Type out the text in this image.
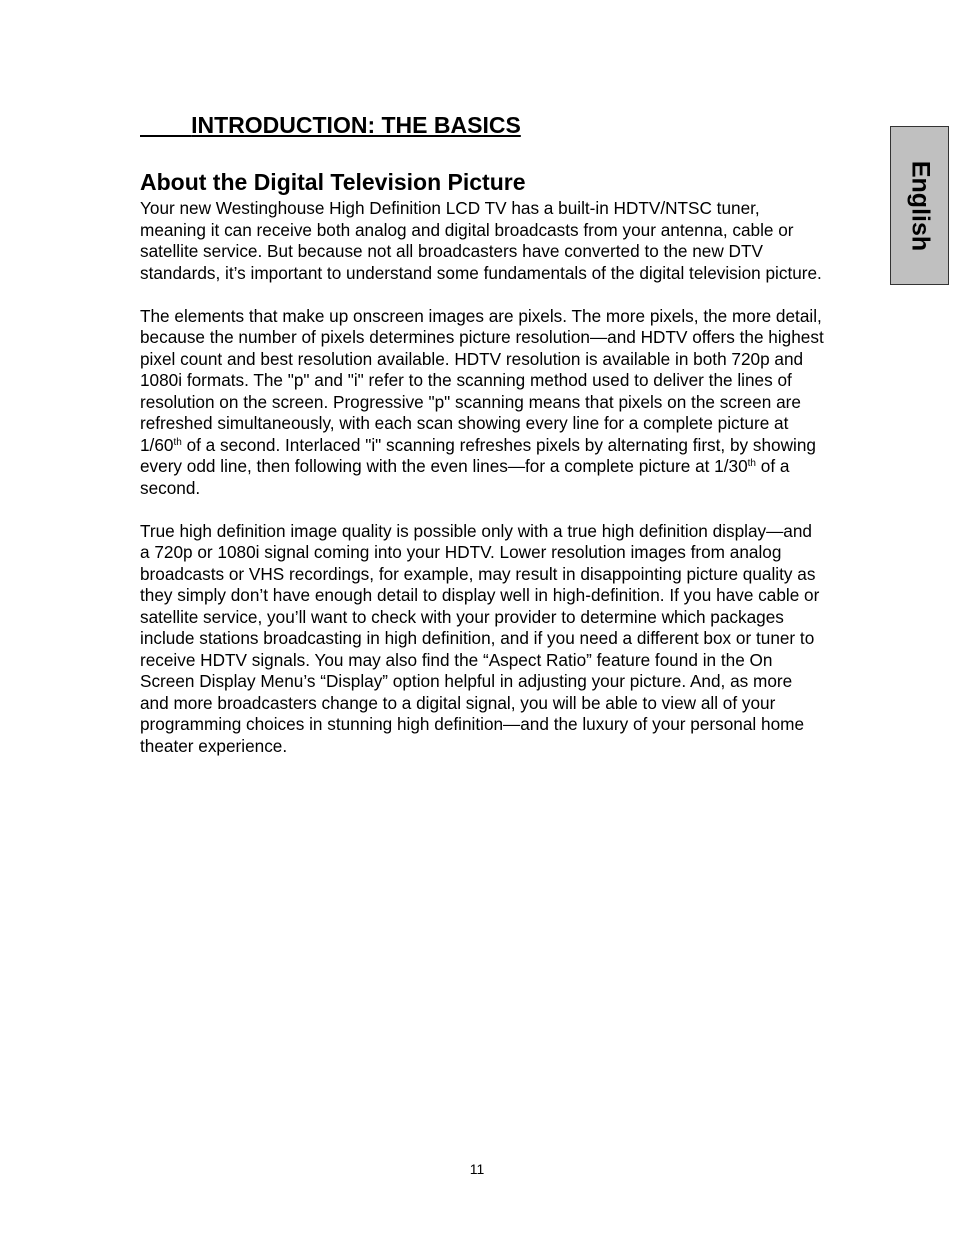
INTRODUCTION: THE BASICS
About the Digital Television Picture

Your new Westinghouse High Definition LCD TV has a built-in HDTV/NTSC tuner, meaning it can receive both analog and digital broadcasts from your antenna, cable or satellite service. But because not all broadcasters have converted to the new DTV standards, it’s important to understand some fundamentals of the digital television picture.

The elements that make up onscreen images are pixels. The more pixels, the more detail, because the number of pixels determines picture resolution—and HDTV offers the highest pixel count and best resolution available. HDTV resolution is available in both 720p and 1080i formats. The "p" and "i" refer to the scanning method used to deliver the lines of resolution on the screen. Progressive "p" scanning means that pixels on the screen are refreshed simultaneously, with each scan showing every line for a complete picture at 1/60th of a second. Interlaced "i" scanning refreshes pixels by alternating first, by showing every odd line, then following with the even lines—for a complete picture at 1/30th of a second.

True high definition image quality is possible only with a true high definition display—and a 720p or 1080i signal coming into your HDTV. Lower resolution images from analog broadcasts or VHS recordings, for example, may result in disappointing picture quality as they simply don’t have enough detail to display well in high-definition. If you have cable or satellite service, you’ll want to check with your provider to determine which packages include stations broadcasting in high definition, and if you need a different box or tuner to receive HDTV signals. You may also find the “Aspect Ratio” feature found in the On Screen Display Menu’s “Display” option helpful in adjusting your picture. And, as more and more broadcasters change to a digital signal, you will be able to view all of your programming choices in stunning high definition—and the luxury of your personal home theater experience.

English
11
